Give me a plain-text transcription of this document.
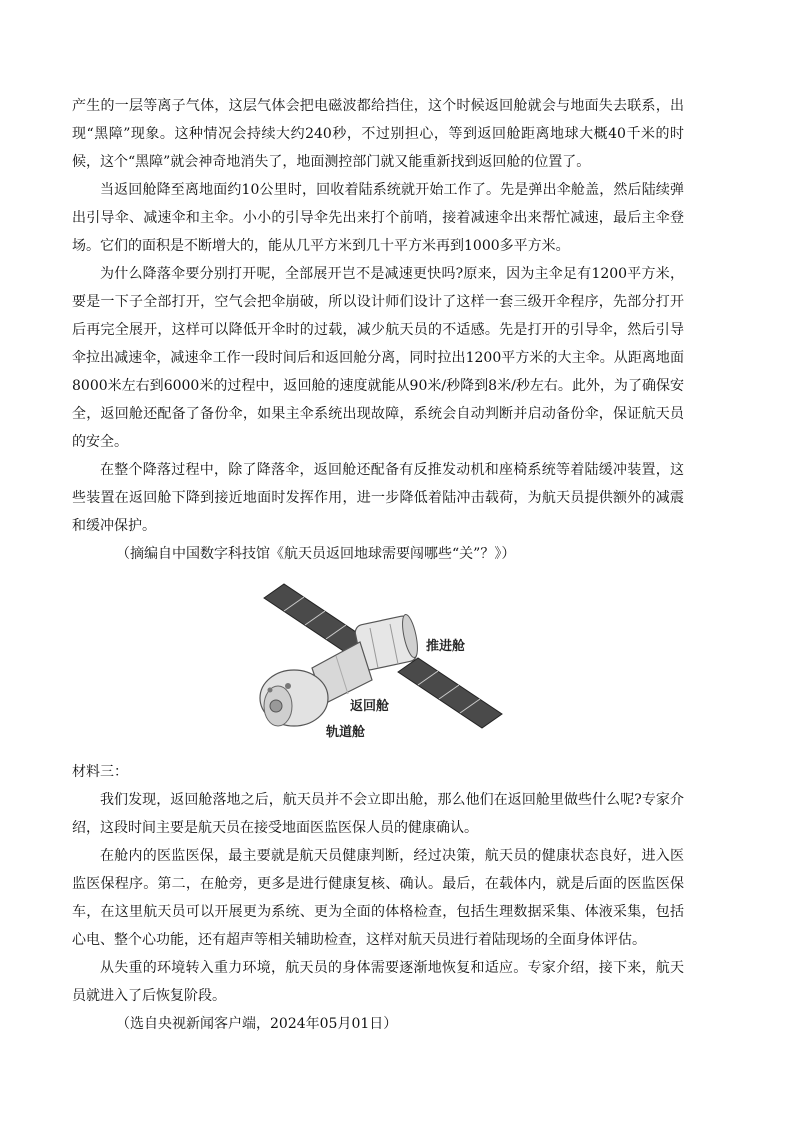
产生的一层等离子气体，这层气体会把电磁波都给挡住，这个时候返回舱就会与地面失去联系，出现“黑障”现象。这种情况会持续大约240秒，不过别担心，等到返回舱距离地球大概40千米的时候，这个“黑障”就会神奇地消失了，地面测控部门就又能重新找到返回舱的位置了。

当返回舱降至离地面约10公里时，回收着陆系统就开始工作了。先是弹出伞舱盖，然后陆续弹出引导伞、减速伞和主伞。小小的引导伞先出来打个前哨，接着减速伞出来帮忙减速，最后主伞登场。它们的面积是不断增大的，能从几平方米到几十平方米再到1000多平方米。

为什么降落伞要分别打开呢，全部展开岂不是减速更快吗?原来，因为主伞足有1200平方米，要是一下子全部打开，空气会把伞崩破，所以设计师们设计了这样一套三级开伞程序，先部分打开后再完全展开，这样可以降低开伞时的过载，减少航天员的不适感。先是打开的引导伞，然后引导伞拉出减速伞，减速伞工作一段时间后和返回舱分离，同时拉出1200平方米的大主伞。从距离地面8000米左右到6000米的过程中，返回舱的速度就能从90米/秒降到8米/秒左右。此外，为了确保安全，返回舱还配备了备份伞，如果主伞系统出现故障，系统会自动判断并启动备份伞，保证航天员的安全。

在整个降落过程中，除了降落伞，返回舱还配备有反推发动机和座椅系统等着陆缓冲装置，这些装置在返回舱下降到接近地面时发挥作用，进一步降低着陆冲击载荷，为航天员提供额外的减震和缓冲保护。

（摘编自中国数字科技馆《航天员返回地球需要闯哪些“关”？》）

推进舱
返回舱
轨道舱

材料三：

我们发现，返回舱落地之后，航天员并不会立即出舱，那么他们在返回舱里做些什么呢?专家介绍，这段时间主要是航天员在接受地面医监医保人员的健康确认。

在舱内的医监医保，最主要就是航天员健康判断，经过决策，航天员的健康状态良好，进入医监医保程序。第二，在舱旁，更多是进行健康复核、确认。最后，在载体内，就是后面的医监医保车，在这里航天员可以开展更为系统、更为全面的体格检查，包括生理数据采集、体液采集，包括心电、整个心功能，还有超声等相关辅助检查，这样对航天员进行着陆现场的全面身体评估。

从失重的环境转入重力环境，航天员的身体需要逐渐地恢复和适应。专家介绍，接下来，航天员就进入了后恢复阶段。

（选自央视新闻客户端，2024年05月01日）
